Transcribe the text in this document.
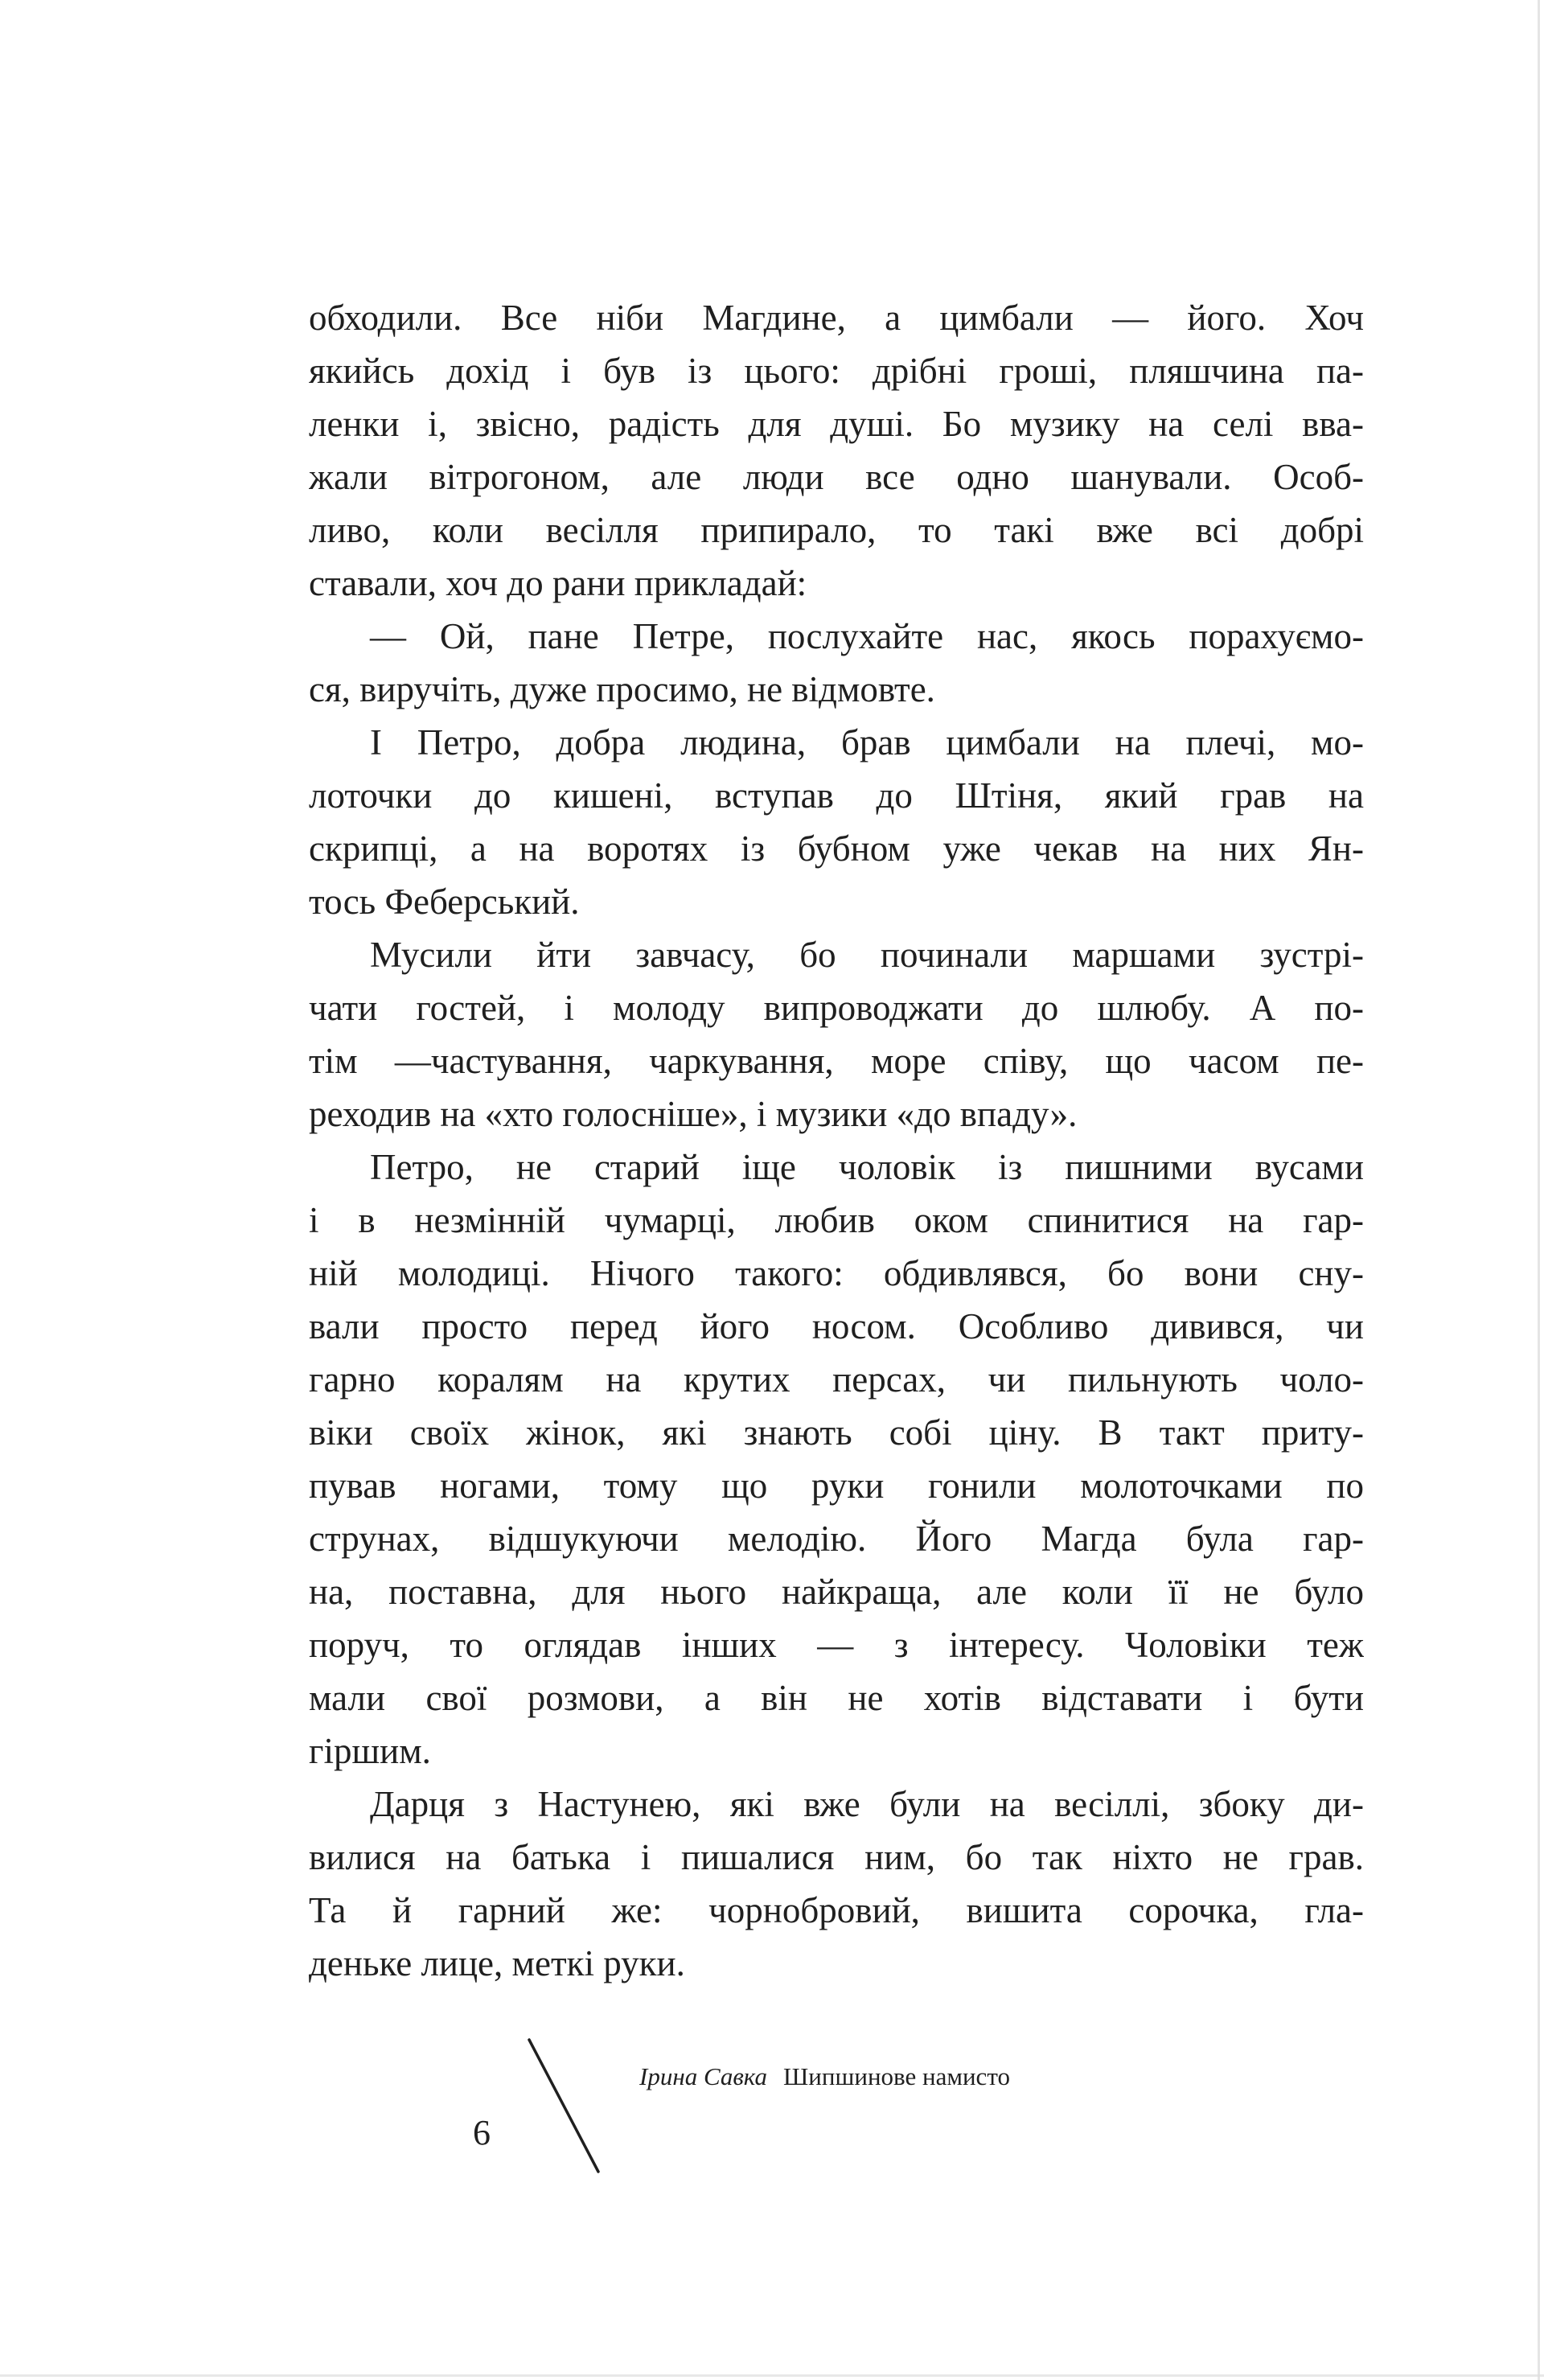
обходили. Все ніби Магдине, а цимбали — його. Хоч
якийсь дохід і був із цього: дрібні гроші, пляшчина па-
ленки і, звісно, радість для душі. Бо музику на селі вва-
жали вітрогоном, але люди все одно шанували. Особ-
ливо, коли весілля припирало, то такі вже всі добрі
ставали, хоч до рани прикладай:
— Ой, пане Петре, послухайте нас, якось порахуємо-
ся, виручіть, дуже просимо, не відмовте.
І Петро, добра людина, брав цимбали на плечі, мо-
лоточки до кишені, вступав до Штіня, який грав на
скрипці, а на воротях із бубном уже чекав на них Ян-
тось Феберський.
Мусили йти завчасу, бо починали маршами зустрі-
чати гостей, і молоду випроводжати до шлюбу. А по-
тім —частування, чаркування, море співу, що часом пе-
реходив на «хто голосніше», і музики «до впаду».
Петро, не старий іще чоловік із пишними вусами
і в незмінній чумарці, любив оком спинитися на гар-
ній молодиці. Нічого такого: обдивлявся, бо вони сну-
вали просто перед його носом. Особливо дивився, чи
гарно коралям на крутих персах, чи пильнують чоло-
віки своїх жінок, які знають собі ціну. В такт приту-
пував ногами, тому що руки гонили молоточками по
струнах, відшукуючи мелодію. Його Магда була гар-
на, поставна, для нього найкраща, але коли її не було
поруч, то оглядав інших — з інтересу. Чоловіки теж
мали свої розмови, а він не хотів відставати і бути
гіршим.
Дарця з Настунею, які вже були на весіллі, збоку ди-
вилися на батька і пишалися ним, бо так ніхто не грав.
Та й гарний же: чорнобровий, вишита сорочка, гла-
деньке лице, меткі руки.
Ірина Савка Шипшинове намисто
6
